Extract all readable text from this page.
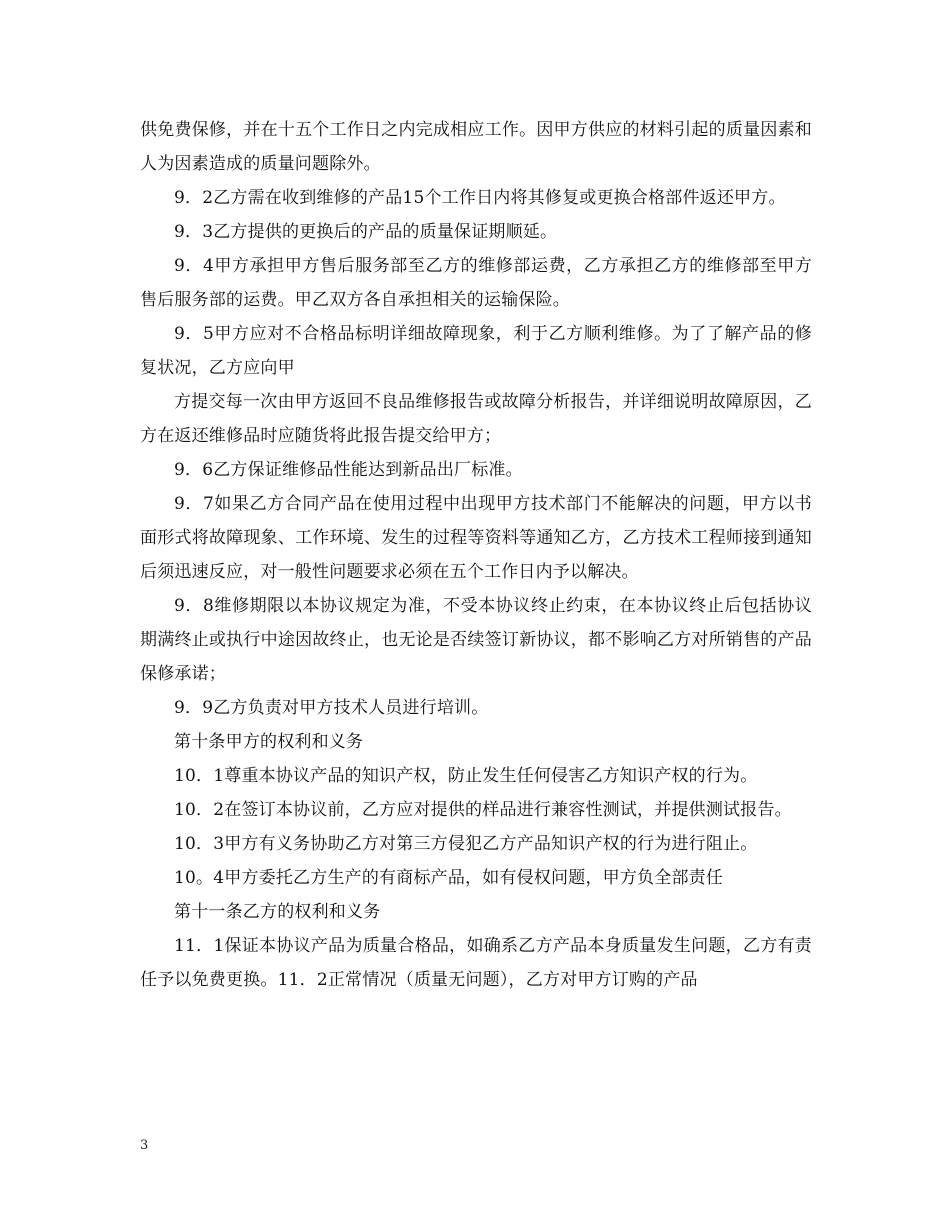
供免费保修，并在十五个工作日之内完成相应工作。因甲方供应的材料引起的质量因素和人为因素造成的质量问题除外。

9．2乙方需在收到维修的产品15个工作日内将其修复或更换合格部件返还甲方。

9．3乙方提供的更换后的产品的质量保证期顺延。

9．4甲方承担甲方售后服务部至乙方的维修部运费，乙方承担乙方的维修部至甲方售后服务部的运费。甲乙双方各自承担相关的运输保险。

9．5甲方应对不合格品标明详细故障现象，利于乙方顺利维修。为了了解产品的修复状况，乙方应向甲

方提交每一次由甲方返回不良品维修报告或故障分析报告，并详细说明故障原因，乙方在返还维修品时应随货将此报告提交给甲方；

9．6乙方保证维修品性能达到新品出厂标准。

9．7如果乙方合同产品在使用过程中出现甲方技术部门不能解决的问题，甲方以书面形式将故障现象、工作环境、发生的过程等资料等通知乙方，乙方技术工程师接到通知后须迅速反应，对一般性问题要求必须在五个工作日内予以解决。

9．8维修期限以本协议规定为准，不受本协议终止约束，在本协议终止后包括协议期满终止或执行中途因故终止，也无论是否续签订新协议，都不影响乙方对所销售的产品保修承诺；

9．9乙方负责对甲方技术人员进行培训。

第十条甲方的权利和义务

10．1尊重本协议产品的知识产权，防止发生任何侵害乙方知识产权的行为。

10．2在签订本协议前，乙方应对提供的样品进行兼容性测试，并提供测试报告。

10．3甲方有义务协助乙方对第三方侵犯乙方产品知识产权的行为进行阻止。

10。4甲方委托乙方生产的有商标产品，如有侵权问题，甲方负全部责任

第十一条乙方的权利和义务

11．1保证本协议产品为质量合格品，如确系乙方产品本身质量发生问题，乙方有责任予以免费更换。11．2正常情况（质量无问题），乙方对甲方订购的产品

3
